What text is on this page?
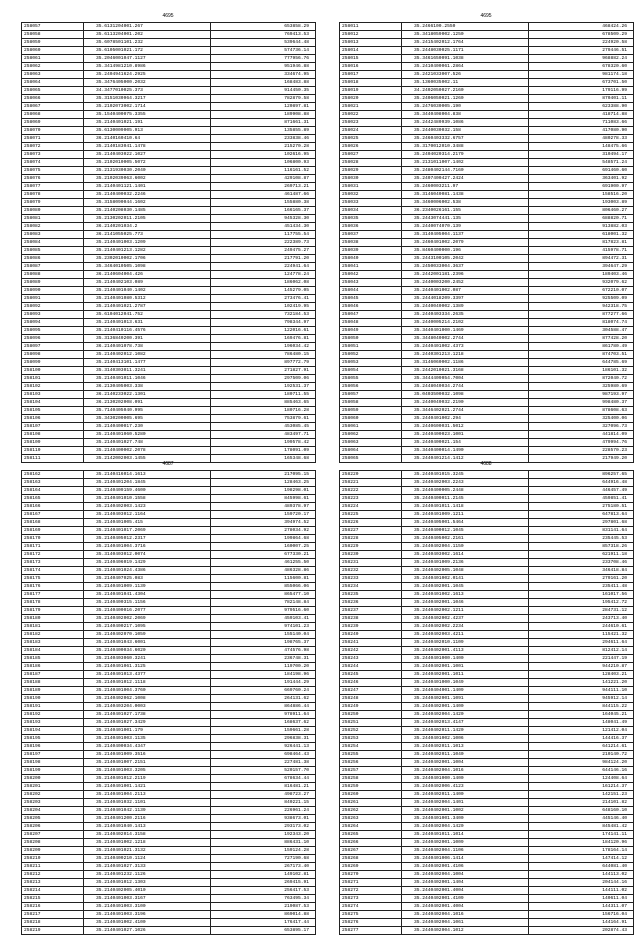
4695
258057	35.6131204001.267	653858.29
258058	35.6113204001.202	769413.53
258059	35.6078501101.232	539644.48
258060	35.6105001021.172	574736.14
258061	35.2046001047.1127	777956.76
258062	35.3414981210.8986	951946.88
258063	35.2404941624.2925	334674.95
258064	35.3476405000.2032	168483.88
258065	34.3477010025.373	914450.35
258066	35.3151030964.3217	782879.58
258067	35.2102073002.1714	120897.81
258068	35.1540400075.3355	189908.88
258069	35.2140401021.191	871661.31
258070	35.6130009005.913	135855.89
258071	36.2140160410.64	233838.46
258072	35.2140183041.1478	215270.28
258073	35.2140403022.1027	102616.95
258074	35.2102010005.5072	106800.93
258075	35.2131930030.2040	116161.52
258076	35.2102039063.6002	429108.87
258077	35.2140401121.1401	269713.21
258078	35.2140400032.2246	461487.66
258079	35.3158090044.1602	155880.38
258080	35.2140208030.1485	166165.37
258081	35.2130202011.2105	945328.30
258082	36.2140201034.2	451434.30
258083	36.2141055025.773	117755.54
258084	35.2140401003.1209	222389.73
258085	35.2140401213.1282	249475.27
258086	35.2302010002.1706	217791.20
258087	35.3464010505.1098	224941.64
258088	36.2140604004.426	124778.24
258089	35.2140402103.089	186062.08
258090	35.2140401040.1402	145279.05
258091	35.2140401080.5312	273476.41
258092	35.2140401021.2787	102419.95
258093	35.6104012041.752	732184.53
258094	35.2140401013.631	798344.97
258095	35.2140410116.4576	122016.61
258096	35.3136840200.391	169476.81
258097	36.2140401078.738	196034.42
258098	35.2140402012.1082	786480.15
258099	35.2140413101.1477	897772.79
258100	35.3140303011.3241	271827.91
258101	35.2140401011.1046	297509.06
258102	36.2130405003.338	192531.37
258103	36.2140233022.1301	180711.55
258104	36.2130202008.091	885463.65
258105	35.7140405040.995	180716.28
258106	35.3430200005.695	753879.61
258107	35.2140400017.230	453085.45
258108	35.2140401060.5280	483497.71
258109	35.2140401027.748	199578.42
258110	35.2140400002.2078	178091.09
258111	35.2142002003.1455	165348.68
4695
258011	35.2466100.2550	468424.26
258012	35.3418059002.1250	678509.29
258013	35.2415402012.1764	224920.58
258014	35.2448030025.1171	279446.51
258015	35.3461650091.1038	968882.24
258016	35.2410400061.2864	678320.60
258017	35.2421033007.526	981174.18
258018	35.1360035002.11	673701.50
258019	34.2402050027.2160	179116.99
258020	35.2406050021.1260	870401.11
258021	35.2476030005.190	623388.90
258022	35.3440408004.838	418714.88
258023	35.2442480939.1086	711083.66
258024	35.2440030032.158	417080.90
258025	35.2460403332.6757	480278.33
258026	35.3170012010.3488	148475.66
258027	35.2404020314.2179	310494.17
258028	35.2131011007.1402	548571.24
258029	35.2480402144.7160	691460.60
258030	35.2407400427.2424	363401.92
258031	35.2460003211.97	691900.97
258032	35.3146040081.1438	158516.20
258033	35.3460006002.538	193003.89
258034	36.2340026161.155	806460.27
258035	35.2443074441.135	688820.71
258036	35.2440074070.139	913882.03
258037	35.3140405004.1137	618001.32
258038	35.2460401002.2079	817823.81
258039	35.8460400000.196	415978.71
258040	35.2443100105.2042	894472.31
258041	35.2450033004.3637	394647.29
258042	35.2442001181.2396	189403.46
258043	35.2440003200.2452	932079.62
258044	35.2440401002.087	672210.07
258045	35.2444018209.3397	925509.09
258046	35.2440040002.1389	942318.75
258047	35.2440403334.2635	877277.66
258048	35.2440005214.2102	818074.74
258049	35.3440401000.1469	304588.47
258050	35.3448040002.2744	877428.20
258051	35.2440401002.4373	861780.49
258052	35.2440301213.1218	874703.51
258053	35.3146060002.1186	644785.69
258054	35.2442010021.3168	186101.32
258055	35.3444409054.7004	872040.72
258056	35.2448040034.2744	325980.69
258057	35.0403500032.1098	987193.97
258058	35.2440040032.2190	998480.37
258059	35.3446402021.2744	878608.63
258060	35.2440401002.294	325400.06
258061	35.2440600031.5012	327096.73
258062	35.2440400023.1001	441814.09
258063	35.2440400021.154	479994.76
258064	35.3440400014.1490	228570.23
258065	35.2440401214.1412	217949.20
4687
258162	35.2140416014.1613	217095.15
258163	35.2140401204.1845	128463.25
258164	35.2140409159.4600	198298.01
258165	35.2140401010.1558	845998.61
258166	35.2140402003.1423	489378.97
258167	35.2140403012.1164	159720.17
258168	35.2140401005.415	394974.52
258169	35.2140401017.2069	278034.92
258170	35.2140405012.2317	199864.68
258171	35.2140401004.3716	160007.25
258172	35.3140403012.0074	677330.21
258173	35.2140406019.1429	461255.50
258174	35.2140401024.4386	486328.86
258175	35.2140407025.083	115600.81
258176	35.2140401009.1139	855066.06
258177	35.2140401041.4304	865477.10
258178	35.2140400315.1156	782148.84
258179	35.2140400016.2077	979516.60
258180	35.2140402002.2069	459103.41
258181	35.2140400217.1095	974101.23
258182	35.2140402070.1059	155140.04
258183	35.2140401043.6001	198765.37
258184	35.2140400034.6020	474576.98
258185	35.2140403060.3241	236748.31
258186	35.2140401061.3125	119700.20
258187	35.2140401013.4377	184198.96
258188	35.2140401012.1118	191444.29
258189	35.2140401004.3760	669760.24
258190	35.2140402062.1008	264131.62
258191	35.2140403204.0003	864886.44
258192	35.2140401027.1738	978911.64
258193	35.2140401027.3429	168637.62
258194	35.2140401001.179	159661.28
258195	35.2140401003.1135	296838.31
258196	35.2140400034.4347	926441.13
258197	35.2140401009.3516	698464.43
258198	35.2140401007.2151	227481.38
258199	35.2140401003.3205	520157.70
258200	35.2140401012.2119	678634.44
258201	35.2140401001.1421	816481.21
258202	35.2140401004.2113	498723.27
258203	35.2140401032.1101	840221.15
258204	35.2140401042.1139	226961.24
258205	35.2140401200.2116	938673.01
258206	35.2140401040.1413	293173.02
258207	35.2140402014.3158	192343.20
258208	35.2140401002.1218	886431.10
258209	35.2140401021.3132	159124.28
258210	35.2140400210.1124	727190.68
258211	35.2140401027.3133	267173.40
258212	35.2140401232.1126	149102.81
258213	35.2140401012.1303	269415.91
258214	35.2140402005.4010	256417.53
258215	35.2140401003.3167	763495.34
258216	35.2140401003.3100	219087.53
258217	35.2140401003.3196	869014.88
258218	35.2140401002.4100	176417.44
258219	35.2140401027.1026	653895.17
4688
258220	35.2440401015.3245	896257.65
258221	35.2440402003.2243	644916.48
258222	35.2440400005.2448	446457.49
258223	35.2440400011.2145	459851.41
258224	35.2440401011.1418	275180.51
258225	35.2440401009.1211	647813.64
258226	35.2440405001.5464	297801.68
258227	35.2440400012.1045	831141.64
258228	35.2440405002.2161	235445.53
258229	35.2440402004.1150	857318.26
258230	35.2440403002.1614	621911.18
258231	35.2440401009.2136	233708.46
258232	35.2440402005.1048	346418.84
258233	35.2440401002.0141	279161.20
258234	35.2440402001.1045	235411.48
258235	35.2440401002.1613	161017.56
258236	35.2440402001.1046	195412.72
258237	35.2440402002.1211	284731.12
258238	35.2440402002.4237	243713.40
258239	35.2440402002.2234	244610.61
258240	35.2440402003.4211	115421.32
258241	35.2440402010.1109	294611.64
258242	35.2440402001.4113	812412.14
258243	35.2440401000.1400	221447.19
258244	35.2440402001.1001	944210.87
258245	35.2440402001.1011	128403.21
258246	35.2440401000.1049	141221.20
258247	35.2440404001.1409	944111.10
258248	35.2440402001.1091	945912.14
258249	35.2440402001.1400	844115.22
258250	35.2440402004.1420	164045.21
258251	35.2440402013.4147	148041.49
258252	35.2440402011.1420	121412.04
258253	35.2440401002.1006	144416.37
258254	35.2440402011.1013	641214.61
258255	35.2440402011.1040	210140.72
258256	35.2440402001.1004	984124.20
258257	35.2440402004.1016	644146.16
258258	35.2440401000.1400	124408.64
258259	35.2440402006.4123	161214.37
258260	35.2440402011.1400	142151.23
258261	35.2440402004.1401	214101.82
258262	35.2440402001.1002	648160.10
258263	35.2440401001.3400	445146.40
258264	35.2440402004.1420	845481.42
258265	35.2440401011.1014	174141.11
258266	35.2440402001.1009	184120.96
258267	35.2440402004.1106	178164.14
258268	35.2440401006.1414	147414.12
258269	35.2440402001.4106	644081.40
258270	35.2440402004.1004	144113.02
258271	35.2440402001.1404	204144.16
258272	35.2440402001.4004	144111.02
258273	35.2440402001.4109	140611.04
258274	35.2440402001.4004	144311.07
258275	35.2440402004.1016	156716.04
258276	35.2440402004.1061	144164.91
258277	35.2440402004.1012	202874.43
